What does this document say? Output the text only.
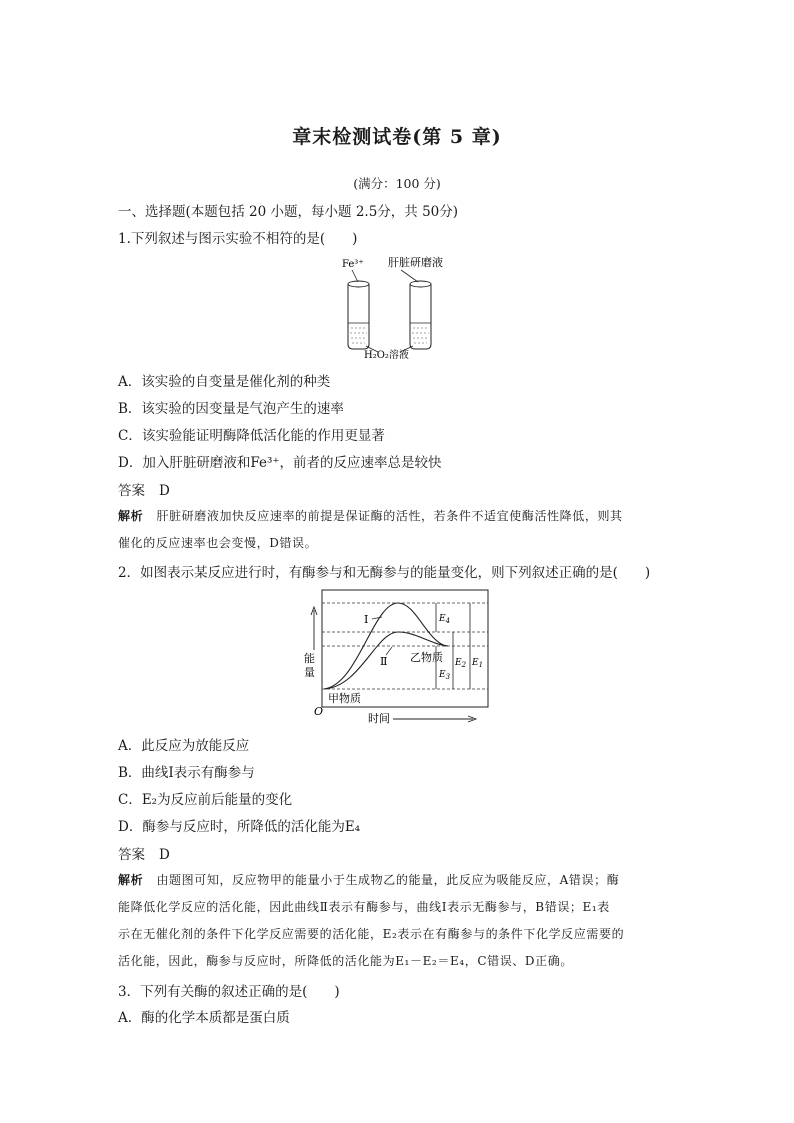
章末检测试卷(第 5 章)
(满分：100 分)
一、选择题(本题包括 20 小题，每小题 2.5分，共 50分)
1.下列叙述与图示实验不相符的是(　　)
Fe³⁺ 肝脏研磨液
H₂O₂溶液
A．该实验的自变量是催化剂的种类
B．该实验的因变量是气泡产生的速率
C．该实验能证明酶降低活化能的作用更显著
D．加入肝脏研磨液和Fe³⁺，前者的反应速率总是较快
答案 D
解析 肝脏研磨液加快反应速率的前提是保证酶的活性，若条件不适宜使酶活性降低，则其
催化的反应速率也会变慢，D错误。
2．如图表示某反应进行时，有酶参与和无酶参与的能量变化，则下列叙述正确的是(　　)
Ⅰ
Ⅱ 乙物质
甲物质
$E_4$
$E_3$
$E_2$ $E_1$
能
量
O
时间
A．此反应为放能反应
B．曲线Ⅰ表示有酶参与
C．E₂为反应前后能量的变化
D．酶参与反应时，所降低的活化能为E₄
答案 D
解析 由题图可知，反应物甲的能量小于生成物乙的能量，此反应为吸能反应，A错误；酶
能降低化学反应的活化能，因此曲线Ⅱ表示有酶参与，曲线Ⅰ表示无酶参与，B错误；E₁表
示在无催化剂的条件下化学反应需要的活化能，E₂表示在有酶参与的条件下化学反应需要的
活化能，因此，酶参与反应时，所降低的活化能为E₁－E₂＝E₄，C错误、D正确。
3．下列有关酶的叙述正确的是(　　)
A．酶的化学本质都是蛋白质
